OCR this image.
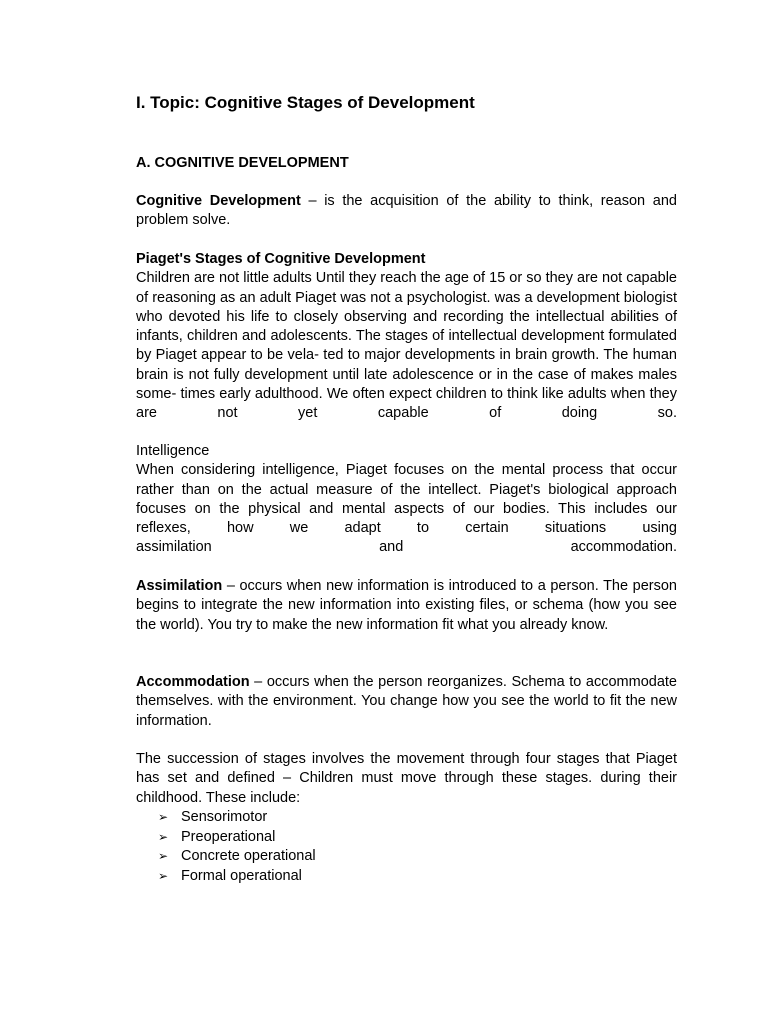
I. Topic: Cognitive Stages of Development
A. COGNITIVE DEVELOPMENT

Cognitive Development – is the acquisition of the ability to think, reason and problem solve.

Piaget's Stages of Cognitive Development
Children are not little adults Until they reach the age of 15 or so they are not capable of reasoning as an adult Piaget was not a psychologist. was a development biologist who devoted his life to closely observing and recording the intellectual abilities of infants, children and adolescents. The stages of intellectual development formulated by Piaget appear to be vela- ted to major developments in brain growth. The human brain is not fully development until late adolescence or in the case of makes males some- times early adulthood. We often expect children to think like adults when they are not yet capable of doing so.
Intelligence
When considering intelligence, Piaget focuses on the mental process that occur rather than on the actual measure of the intellect. Piaget's biological approach focuses on the physical and mental aspects of our bodies. This includes our reflexes, how we adapt to certain situations using
assimilation	and	accommodation.

Assimilation – occurs when new information is introduced to a person. The person begins to integrate the new information into existing files, or schema (how you see the world). You try to make the new information fit what you already know.

Accommodation – occurs when the person reorganizes. Schema to accommodate themselves. with the environment. You change how you see the world to fit the new information.

The succession of stages involves the movement through four stages that Piaget has set and defined – Children must move through these stages. during their childhood. These include:

➢ Sensorimotor
➢ Preoperational
➢ Concrete operational
➢ Formal operational
